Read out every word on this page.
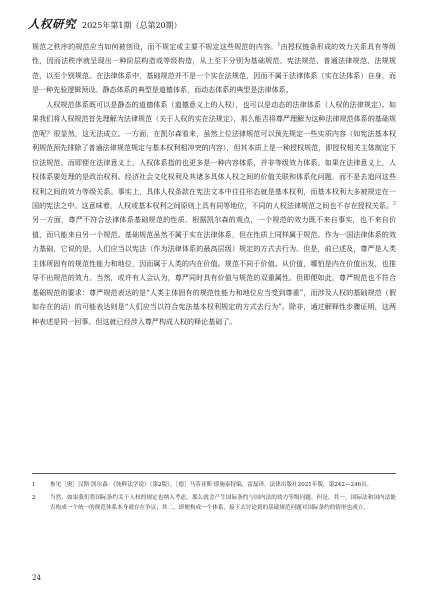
人权研究 2025年第1期（总第20期）

规范之秩序的规范应当如何被创设，而不规定或主要不规定这些规范的内容。$^1$由授权链条形成的效力关系具有等级性，因而法秩序就呈现出一种阶层构造或等级构造，从上至下分别为基础规范、宪法规范、普通法律规范、法规规范，以至个别规范。在法律体系中，基础规范并不是一个实在法规范，因而不属于法律体系（实在法体系）自身，而是一种先验逻辑预设。静态体系的典型是道德体系，而动态体系的典型是法律体系。

人权规范体系既可以是静态的道德体系（道德意义上的人权），也可以是动态的法律体系（人权的法律规定）。如果我们将人权规范首先理解为法律规范（关于人权的实在法规定），那么能否将尊严理解为这种法律规范体系的基础规范呢？很显然，这无法成立。一方面，在凯尔森看来，虽然上位法律规范可以预先规定一些实质内容（如宪法基本权利规范预先排除了普通法律规范规定与基本权利相冲突的内容），但其本质上是一种授权规范，即授权相关主体制定下位法规范。而即便在法律意义上，人权体系指的也更多是一种内容体系，并非等级效力体系。如果在法律意义上，人权体系要处理的是政治权利、经济社会文化权利及其诸多具体人权之间的价值关联和体系化问题，而不是去追问这些权利之间的效力等级关系。事实上，具体人权条款在宪法文本中往往形态就是基本权利，而基本权利大多被规定在一国的宪法之中。这意味着，人权或基本权利之间原则上具有同等地位，不同的人权法律规范之间也不存在授权关系。$^2$另一方面，尊严不符合法律体系基础规范的性质。根据凯尔森的观点，一个规范的效力既不来自事实，也不来自价值，而只能来自另一个规范。基础规范虽然不属于实在法律体系，但在性质上同样属于规范。作为一国法律体系的效力基础，它说的是，人们应当以宪法（作为法律体系的最高层级）规定的方式去行为。但是，前已述及，尊严是人类主体所固有的规范性能力和地位，因而属于人类的内在价值。规范不同于价值。从价值，哪怕是内在价值出发，也推导不出规范的效力。当然，或许有人会认为，尊严同时具有价值与规范的双重属性。但即便如此，尊严规范也不符合基础规范的要求：尊严规范表达的是“人类主体固有的规范性能力和地位应当受到尊重”，而涉及人权的基础规范（假如存在的话）的可能表达则是“人们应当以符合宪法基本权利规定的方式去行为”。除非，通过解释性步骤证明，这两种表述是同一回事。但这就已经涉入尊严构成人权的释论基础了。

1	参见［奥］汉斯·凯尔森：《纯粹法学说》（第2版），［德］马蒂亚斯·耶施泰特编，雷磊译，法律出版社2021年版，第242—246页。
2	当然，如果我们将国际条约关于人权的规定也纳入考虑，那么就会产生国际条约与国内法的效力等级问题。但是，其一，国际法和国内法能否构成一个统一的规范体系本身就存在争议；其二，即便构成一个体系，接下去讨论到的基础规范问题对国际条约的情形也成立。
24
